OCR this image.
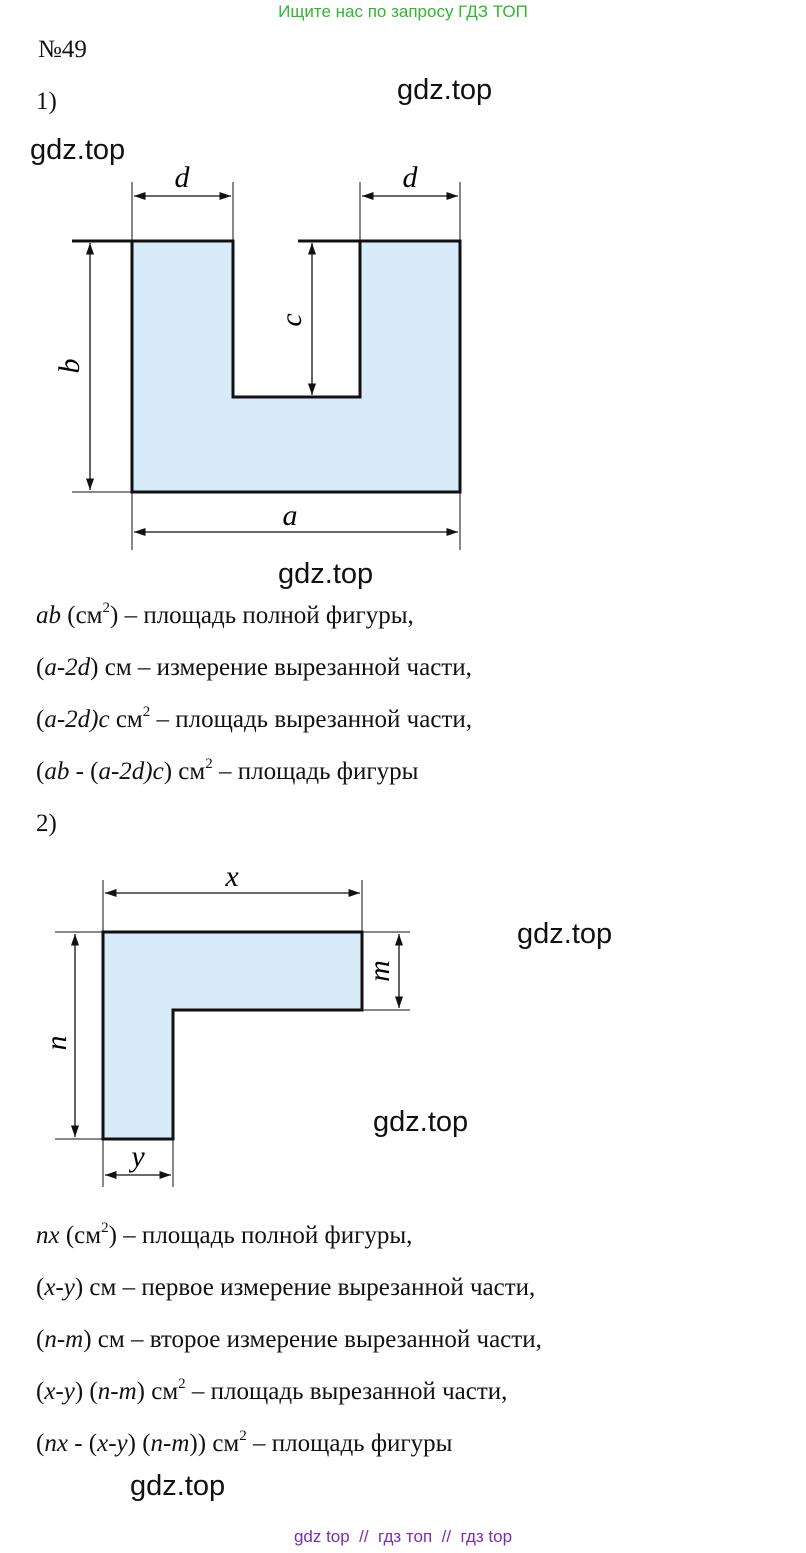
Ищите нас по запросу ГДЗ ТОП
№49
gdz.top
gdz.top
gdz.top
gdz.top
gdz.top
gdz.top
1)
d	d
a
b
c
x
y
n
m
ab $(см^2)$ – площадь полной фигуры,
(a-2d) см – измерение вырезанной части,
(a-2d)c $см^2$ – площадь вырезанной части,
(ab - (a-2d)c) $см^2$ – площадь фигуры
2)
nx $(см^2)$ – площадь полной фигуры,
(x-y) см – первое измерение вырезанной части,
(n-m) см – второе измерение вырезанной части,
(x-y) (n-m) $см^2$ – площадь вырезанной части,
(nx - (x-y) (n-m)) $см^2$ – площадь фигуры
gdz top  //  гдз топ  //  гдз top
